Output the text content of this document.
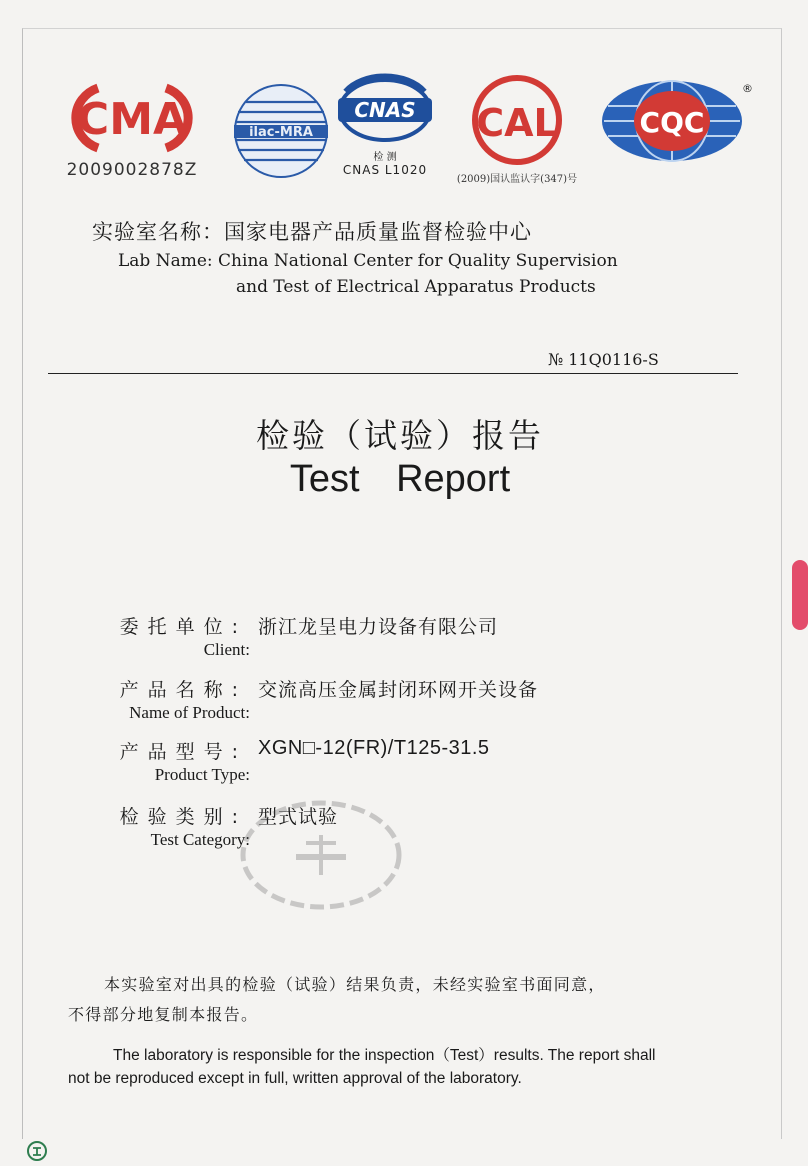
CMA
2009002878Z
ilac-MRA
CNAS
检 测
CNAS L1020
CAL
(2009)国认监认字(347)号
CQC
®
实验室名称：国家电器产品质量监督检验中心
Lab Name: China National Center for Quality Supervision
and Test of Electrical Apparatus Products
№ 11Q0116-S
检验（试验）报告
Test Report
委托单位: 浙江龙呈电力设备有限公司
Client:
产品名称: 交流高压金属封闭环网开关设备
Name of Product:
产品型号: XGN□-12(FR)/T125-31.5
Product Type:
检验类别: 型式试验
Test Category:
本实验室对出具的检验（试验）结果负责，未经实验室书面同意，
不得部分地复制本报告。
The laboratory is responsible for the inspection（Test）results. The report shall
not be reproduced except in full, written approval of the laboratory.
